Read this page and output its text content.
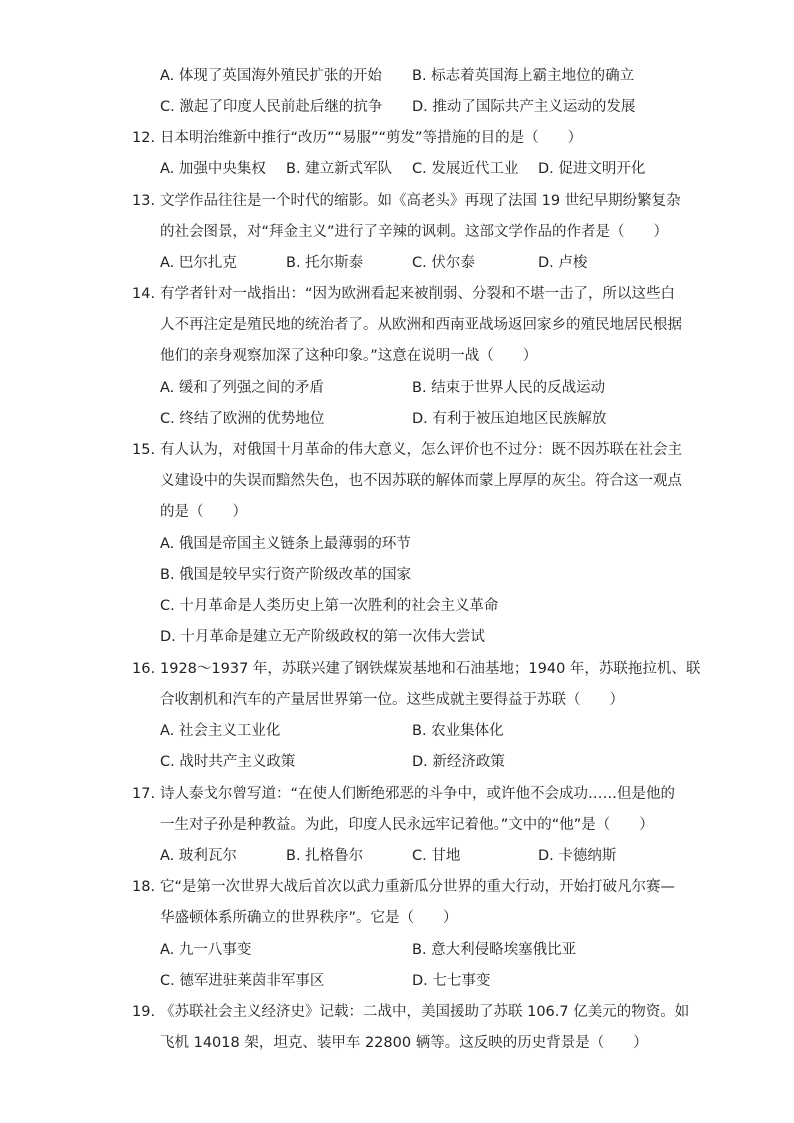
A. 体现了英国海外殖民扩张的开始 B. 标志着英国海上霸主地位的确立
C. 激起了印度人民前赴后继的抗争 D. 推动了国际共产主义运动的发展
12. 日本明治维新中推行“改历”“易服”“剪发”等措施的目的是（　　）
A. 加强中央集权 B. 建立新式军队 C. 发展近代工业 D. 促进文明开化
13. 文学作品往往是一个时代的缩影。如《高老头》再现了法国 19 世纪早期纷繁复杂
的社会图景，对“拜金主义”进行了辛辣的讽刺。这部文学作品的作者是（　　）
A. 巴尔扎克	B. 托尔斯泰	C. 伏尔泰	D. 卢梭
14. 有学者针对一战指出：“因为欧洲看起来被削弱、分裂和不堪一击了，所以这些白
人不再注定是殖民地的统治者了。从欧洲和西南亚战场返回家乡的殖民地居民根据
他们的亲身观察加深了这种印象。”这意在说明一战（　　）
A. 缓和了列强之间的矛盾	B. 结束于世界人民的反战运动
C. 终结了欧洲的优势地位	D. 有利于被压迫地区民族解放
15. 有人认为，对俄国十月革命的伟大意义，怎么评价也不过分：既不因苏联在社会主
义建设中的失误而黯然失色，也不因苏联的解体而蒙上厚厚的灰尘。符合这一观点
的是（　　）
A. 俄国是帝国主义链条上最薄弱的环节
B. 俄国是较早实行资产阶级改革的国家
C. 十月革命是人类历史上第一次胜利的社会主义革命
D. 十月革命是建立无产阶级政权的第一次伟大尝试
16. 1928～1937 年，苏联兴建了钢铁煤炭基地和石油基地；1940 年，苏联拖拉机、联
合收割机和汽车的产量居世界第一位。这些成就主要得益于苏联（　　）
A. 社会主义工业化	B. 农业集体化
C. 战时共产主义政策	D. 新经济政策
17. 诗人泰戈尔曾写道：“在使人们断绝邪恶的斗争中，或许他不会成功……但是他的
一生对子孙是种教益。为此，印度人民永远牢记着他。”文中的“他”是（　　）
A. 玻利瓦尔	B. 扎格鲁尔	C. 甘地	D. 卡德纳斯
18. 它“是第一次世界大战后首次以武力重新瓜分世界的重大行动，开始打破凡尔赛—
华盛顿体系所确立的世界秩序”。它是（　　）
A. 九一八事变	B. 意大利侵略埃塞俄比亚
C. 德军进驻莱茵非军事区	D. 七七事变
19. 《苏联社会主义经济史》记载：二战中，美国援助了苏联 106.7 亿美元的物资。如
飞机 14018 架，坦克、装甲车 22800 辆等。这反映的历史背景是（　　）
